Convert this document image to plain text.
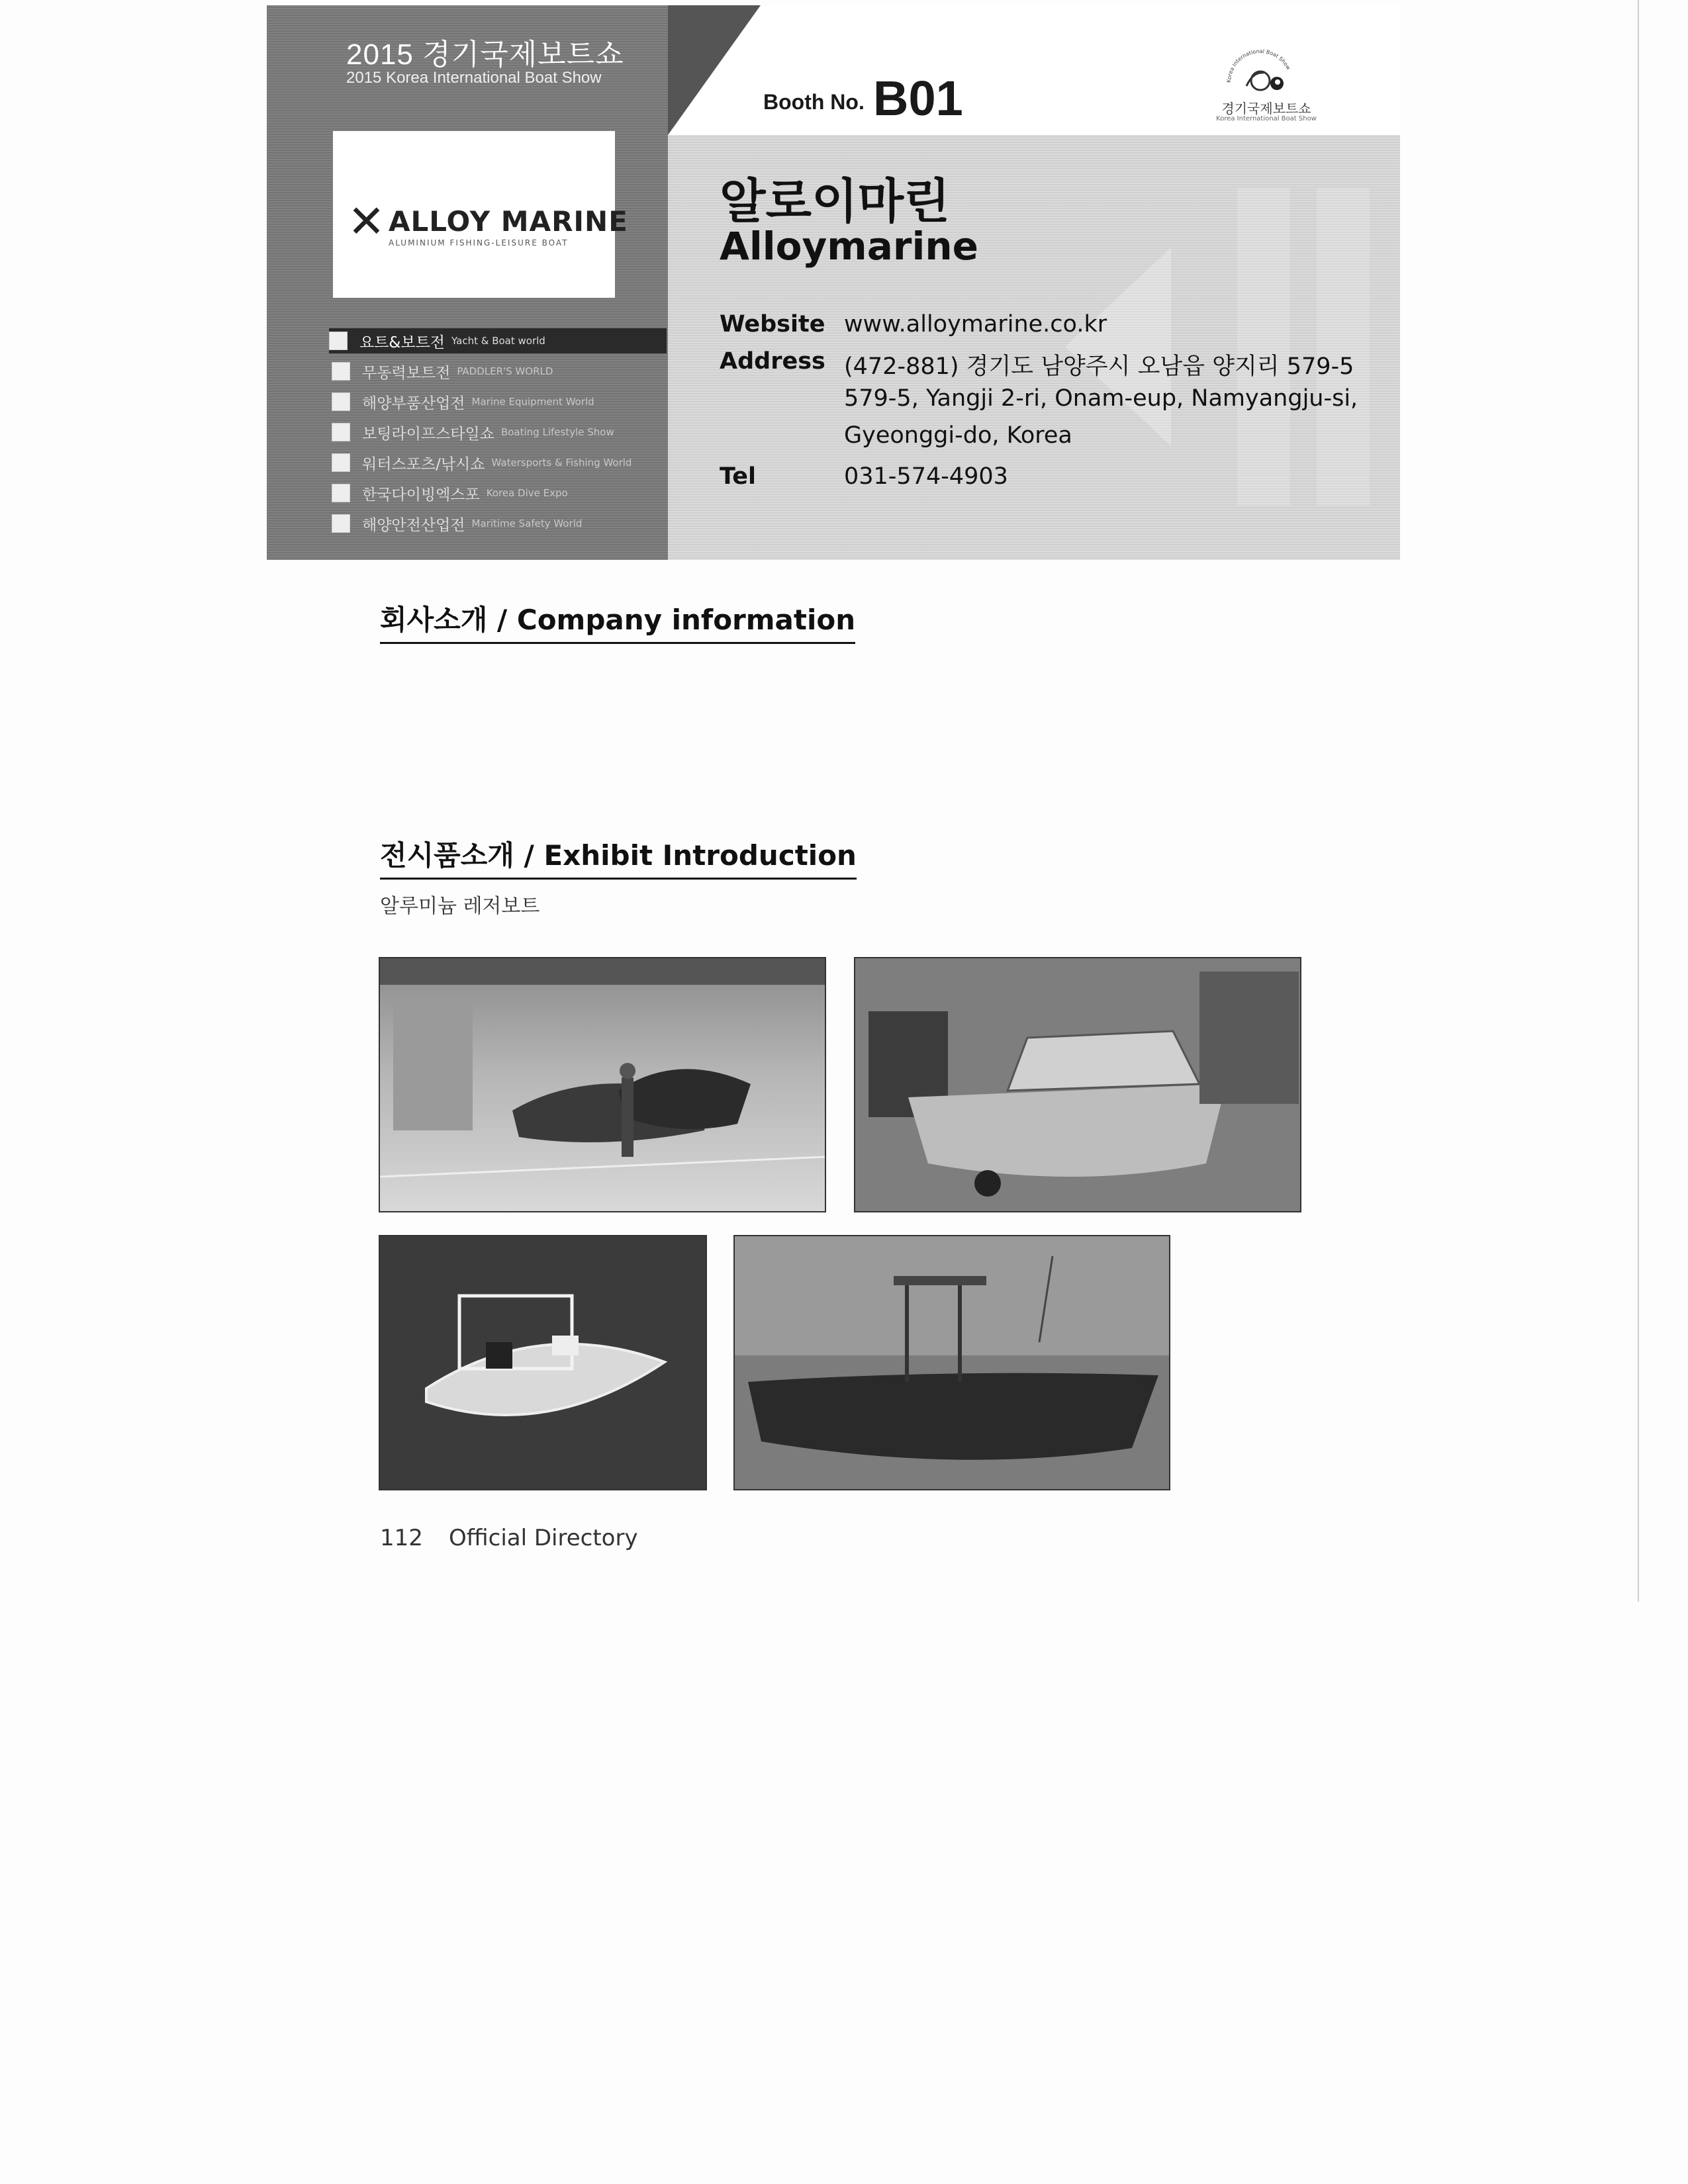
2015 경기국제보트쇼
2015 Korea International Boat Show
✕ ALLOY MARINE
ALUMINIUM FISHING-LEISURE BOAT
요트&보트전 Yacht & Boat world
무동력보트전 PADDLER'S WORLD
해양부품산업전 Marine Equipment World
보팅라이프스타일쇼 Boating Lifestyle Show
워터스포츠/낚시쇼 Watersports & Fishing World
한국다이빙엑스포 Korea Dive Expo
해양안전산업전 Maritime Safety World
Booth No. B01	Korea International Boat Show
경기국제보트쇼
Korea International Boat Show
알로이마린
Alloymarine
Website www.alloymarine.co.kr
Address (472-881) 경기도 남양주시 오남읍 양지리 579-5
579-5, Yangji 2-ri, Onam-eup, Namyangju-si,
Gyeonggi-do, Korea
Tel	031-574-4903
회사소개 / Company information
전시품소개 / Exhibit Introduction
알루미늄 레저보트
112 Official Directory
